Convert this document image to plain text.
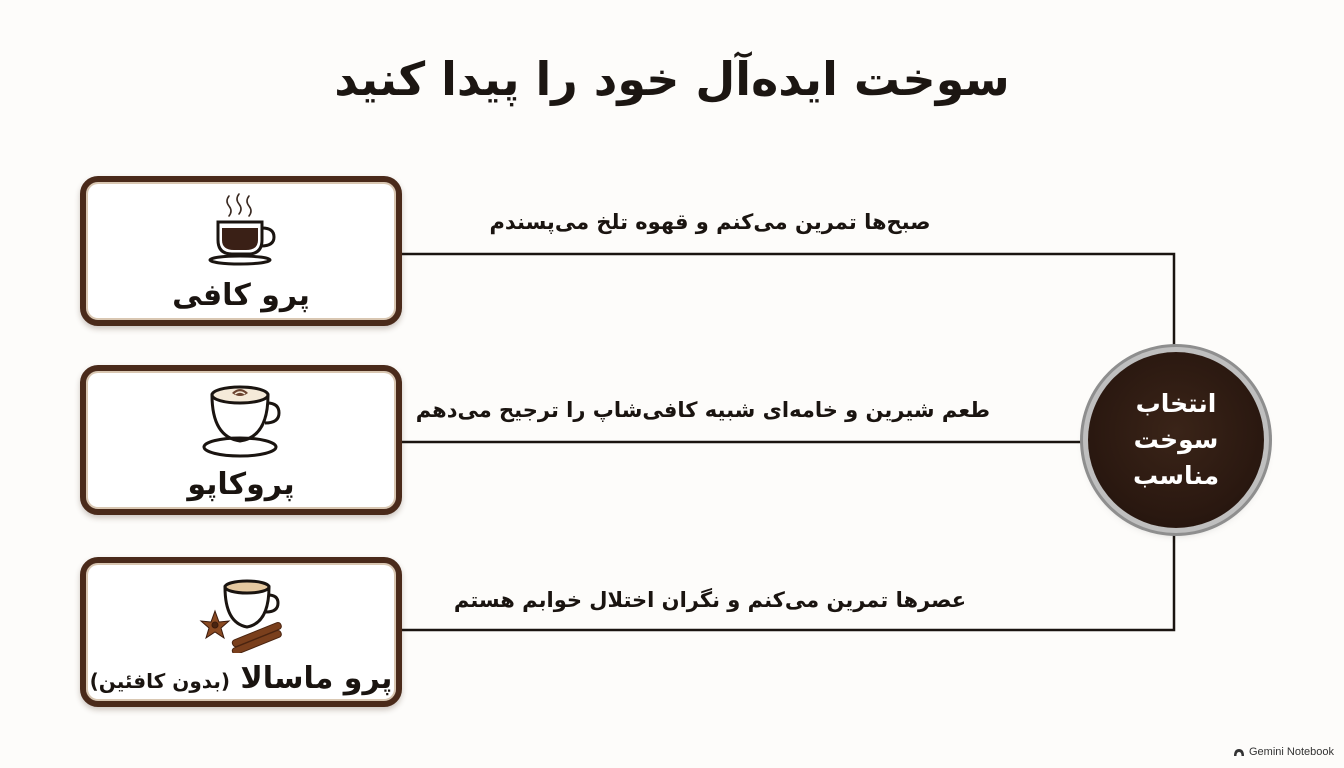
سوخت ایده‌آل خود را پیدا کنید
پرو کافی
پروکاپو
پرو ماسالا (بدون کافئین)
صبح‌ها تمرین می‌کنم و قهوه تلخ می‌پسندم
طعم شیرین و خامه‌ای شبیه کافی‌شاپ را ترجیح می‌دهم
عصرها تمرین می‌کنم و نگران اختلال خوابم هستم
انتخاب
سوخت
مناسب
Gemini Notebook
